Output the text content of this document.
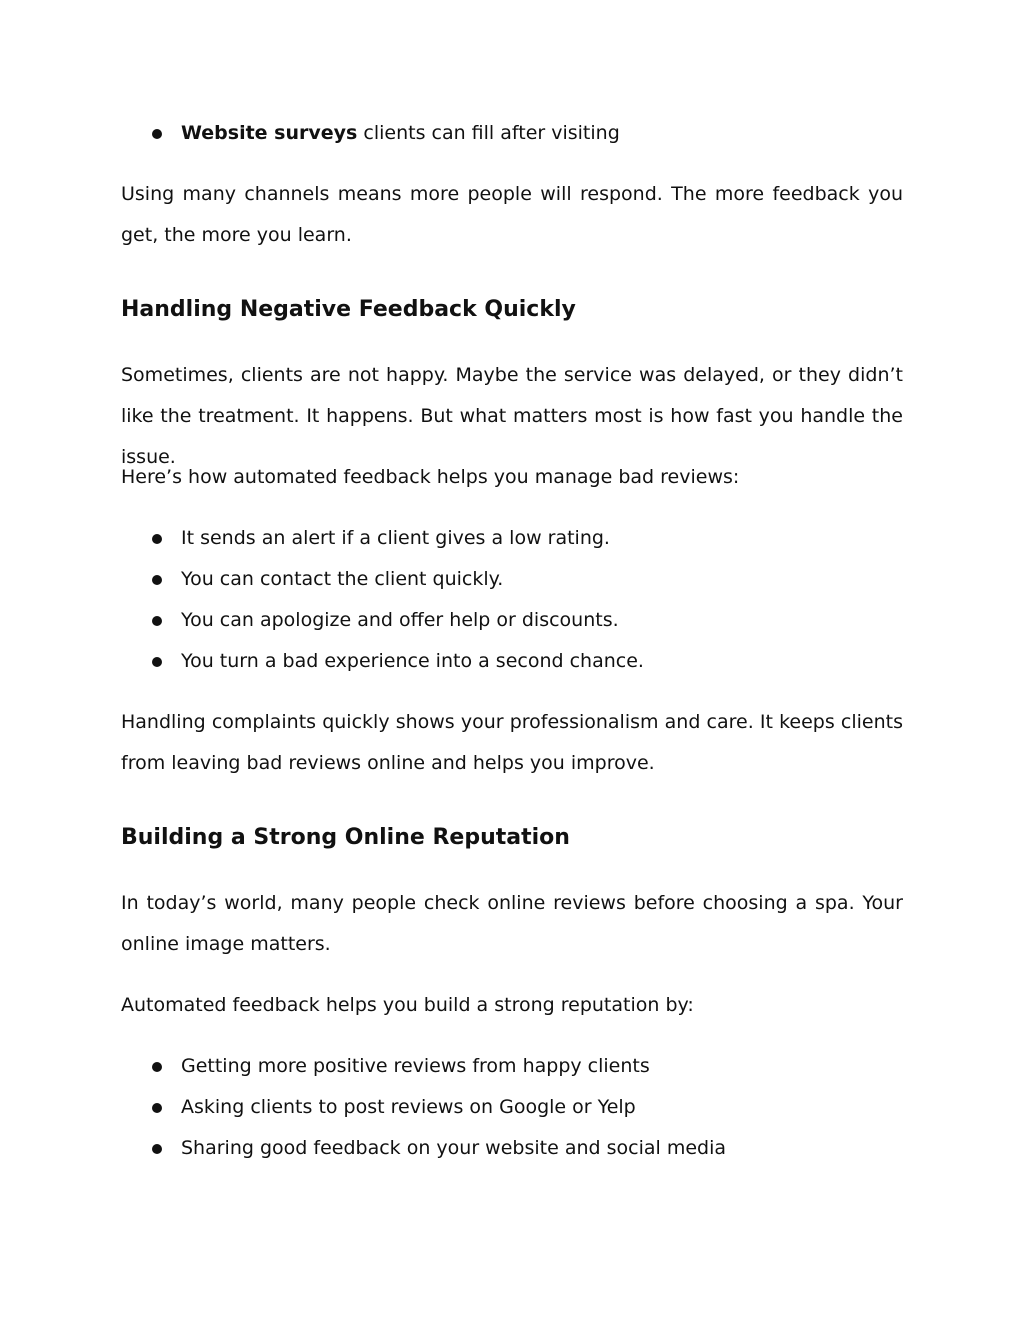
Website surveys clients can fill after visiting

Using many channels means more people will respond. The more feedback you get, the more you learn.

Handling Negative Feedback Quickly

Sometimes, clients are not happy. Maybe the service was delayed, or they didn’t like the treatment. It happens. But what matters most is how fast you handle the issue.

Here’s how automated feedback helps you manage bad reviews:

It sends an alert if a client gives a low rating.
You can contact the client quickly.
You can apologize and offer help or discounts.
You turn a bad experience into a second chance.

Handling complaints quickly shows your professionalism and care. It keeps clients from leaving bad reviews online and helps you improve.

Building a Strong Online Reputation

In today’s world, many people check online reviews before choosing a spa. Your online image matters.

Automated feedback helps you build a strong reputation by:

Getting more positive reviews from happy clients
Asking clients to post reviews on Google or Yelp
Sharing good feedback on your website and social media
